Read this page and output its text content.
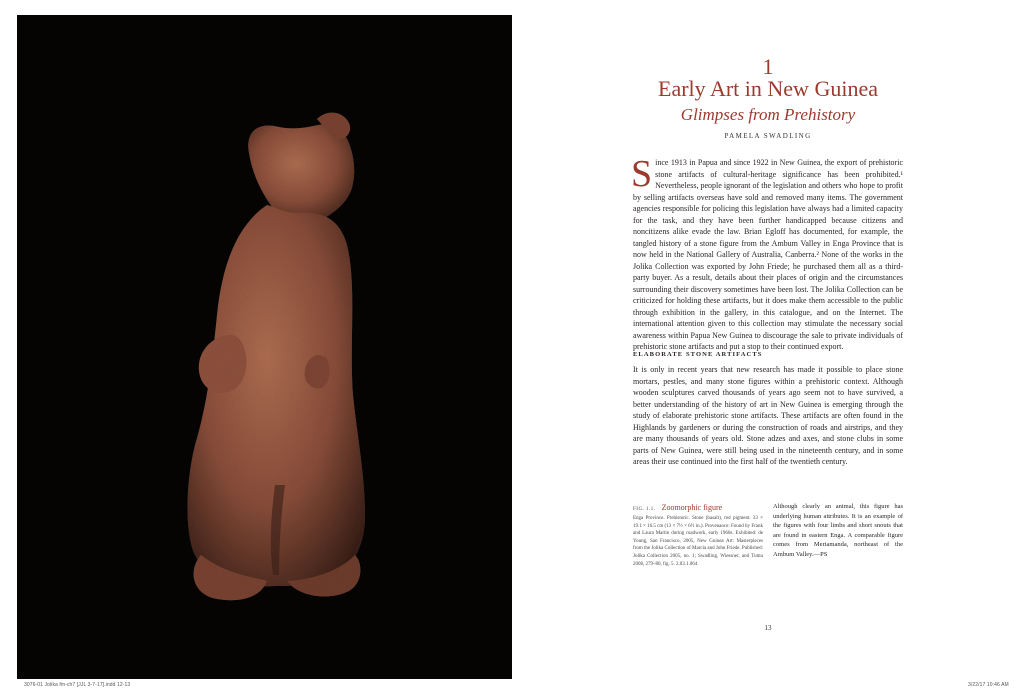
3076-01 Jolika fm-ch7 [JJL 3-7-17].indd 12-13	3/22/17 10:46 AM
1
Early Art in New Guinea
Glimpses from Prehistory
PAMELA SWADLING
Since 1913 in Papua and since 1922 in New Guinea, the export of prehistoric stone artifacts of cultural-heritage significance has been prohibited.¹ Nevertheless, people ignorant of the legislation and others who hope to profit by selling artifacts overseas have sold and removed many items. The government agencies responsible for policing this legislation have always had a limited capacity for the task, and they have been further handicapped because citizens and noncitizens alike evade the law. Brian Egloff has documented, for example, the tangled history of a stone figure from the Ambum Valley in Enga Province that is now held in the National Gallery of Australia, Canberra.² None of the works in the Jolika Collection was exported by John Friede; he purchased them all as a third-party buyer. As a result, details about their places of origin and the circumstances surrounding their discovery sometimes have been lost. The Jolika Collection can be criticized for holding these artifacts, but it does make them accessible to the public through exhibition in the gallery, in this catalogue, and on the Internet. The international attention given to this collection may stimulate the necessary social awareness within Papua New Guinea to discourage the sale to private individuals of prehistoric stone artifacts and put a stop to their continued export.
ELABORATE STONE ARTIFACTS
It is only in recent years that new research has made it possible to place stone mortars, pestles, and many stone figures within a prehistoric context. Although wooden sculptures carved thousands of years ago seem not to have survived, a better understanding of the history of art in New Guinea is emerging through the study of elaborate prehistoric stone artifacts. These artifacts are often found in the Highlands by gardeners or during the construction of roads and airstrips, and they are many thousands of years old. Stone adzes and axes, and stone clubs in some parts of New Guinea, were still being used in the nineteenth century, and in some areas their use continued into the first half of the twentieth century.
FIG. 1.1. Zoomorphic figure
Enga Province. Prehistoric. Stone (basalt), red pigment. 33 × 19.1 × 16.5 cm (13 × 7½ × 6½ in.). Provenance: Found by Frank and Laura Martin during roadwork, early 1960s. Exhibited: de Young, San Francisco, 2005, New Guinea Art: Masterpieces from the Jolika Collection of Marcia and John Friede. Published: Jolika Collection 2005, no. 1; Swadling, Wiessner, and Tumu 2008, 279–80, fig. 5. 2.03.1.064
Although clearly an animal, this figure has underlying human attributes. It is an example of the figures with four limbs and short snouts that are found in eastern Enga. A comparable figure comes from Meriamanda, northeast of the Ambum Valley.—PS
13
